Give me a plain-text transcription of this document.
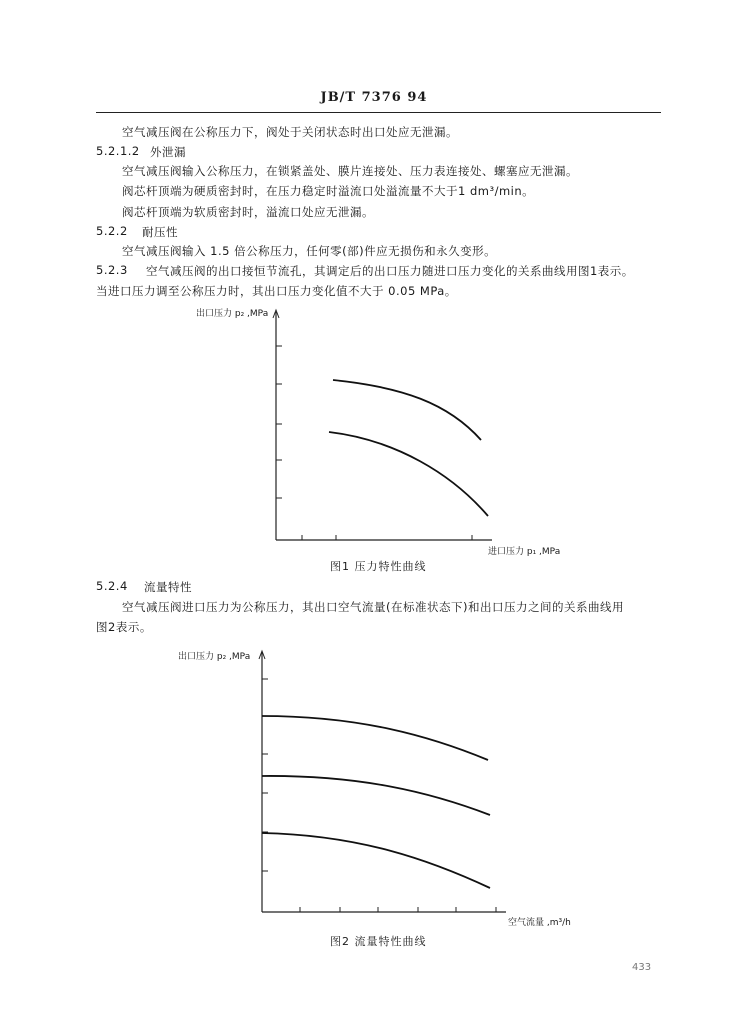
JB/T 7376 94
空气减压阀在公称压力下，阀处于关闭状态时出口处应无泄漏。
5.2.1.2 外泄漏
空气减压阀输入公称压力，在锁紧盖处、膜片连接处、压力表连接处、螺塞应无泄漏。
阀芯杆顶端为硬质密封时，在压力稳定时溢流口处溢流量不大于1 dm³/min。
阀芯杆顶端为软质密封时，溢流口处应无泄漏。
5.2.2 耐压性
空气减压阀输入 1.5 倍公称压力，任何零(部)件应无损伤和永久变形。
5.2.3 空气减压阀的出口接恒节流孔，其调定后的出口压力随进口压力变化的关系曲线用图1表示。
当进口压力调至公称压力时，其出口压力变化值不大于 0.05 MPa。
出口压力 p₂ ,MPa
进口压力 p₁ ,MPa
图1 压力特性曲线
5.2.4 流量特性
空气减压阀进口压力为公称压力，其出口空气流量(在标准状态下)和出口压力之间的关系曲线用
图2表示。
出口压力 p₂ ,MPa
空气流量 ,m³/h
图2 流量特性曲线
433
